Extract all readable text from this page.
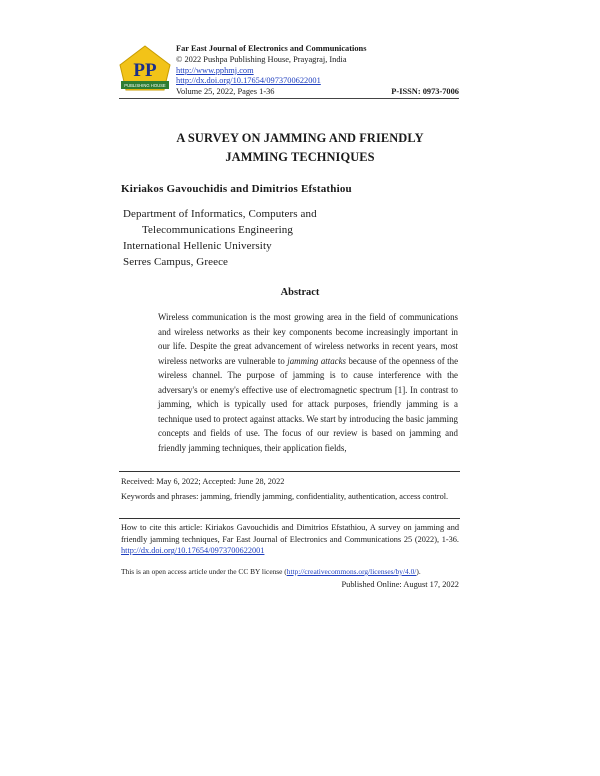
PP
PUBLISHING HOUSE
Far East Journal of Electronics and Communications
© 2022 Pushpa Publishing House, Prayagraj, India
http://www.pphmj.com
http://dx.doi.org/10.17654/0973700622001
Volume 25, 2022, Pages 1-36	P-ISSN: 0973-7006
A SURVEY ON JAMMING AND FRIENDLY
JAMMING TECHNIQUES
Kiriakos Gavouchidis and Dimitrios Efstathiou
Department of Informatics, Computers and
Telecommunications Engineering
International Hellenic University
Serres Campus, Greece
Abstract
Wireless communication is the most growing area in the field of communications and wireless networks as their key components become increasingly important in our life. Despite the great advancement of wireless networks in recent years, most wireless networks are vulnerable to jamming attacks because of the openness of the wireless channel. The purpose of jamming is to cause interference with the adversary's or enemy's effective use of electromagnetic spectrum [1]. In contrast to jamming, which is typically used for attack purposes, friendly jamming is a technique used to protect against attacks. We start by introducing the basic jamming concepts and fields of use. The focus of our review is based on jamming and friendly jamming techniques, their application fields,
Received: May 6, 2022; Accepted: June 28, 2022
Keywords and phrases: jamming, friendly jamming, confidentiality, authentication, access control.
How to cite this article: Kiriakos Gavouchidis and Dimitrios Efstathiou, A survey on jamming and friendly jamming techniques, Far East Journal of Electronics and Communications 25 (2022), 1-36. http://dx.doi.org/10.17654/0973700622001
This is an open access article under the CC BY license (http://creativecommons.org/licenses/by/4.0/).
Published Online: August 17, 2022
